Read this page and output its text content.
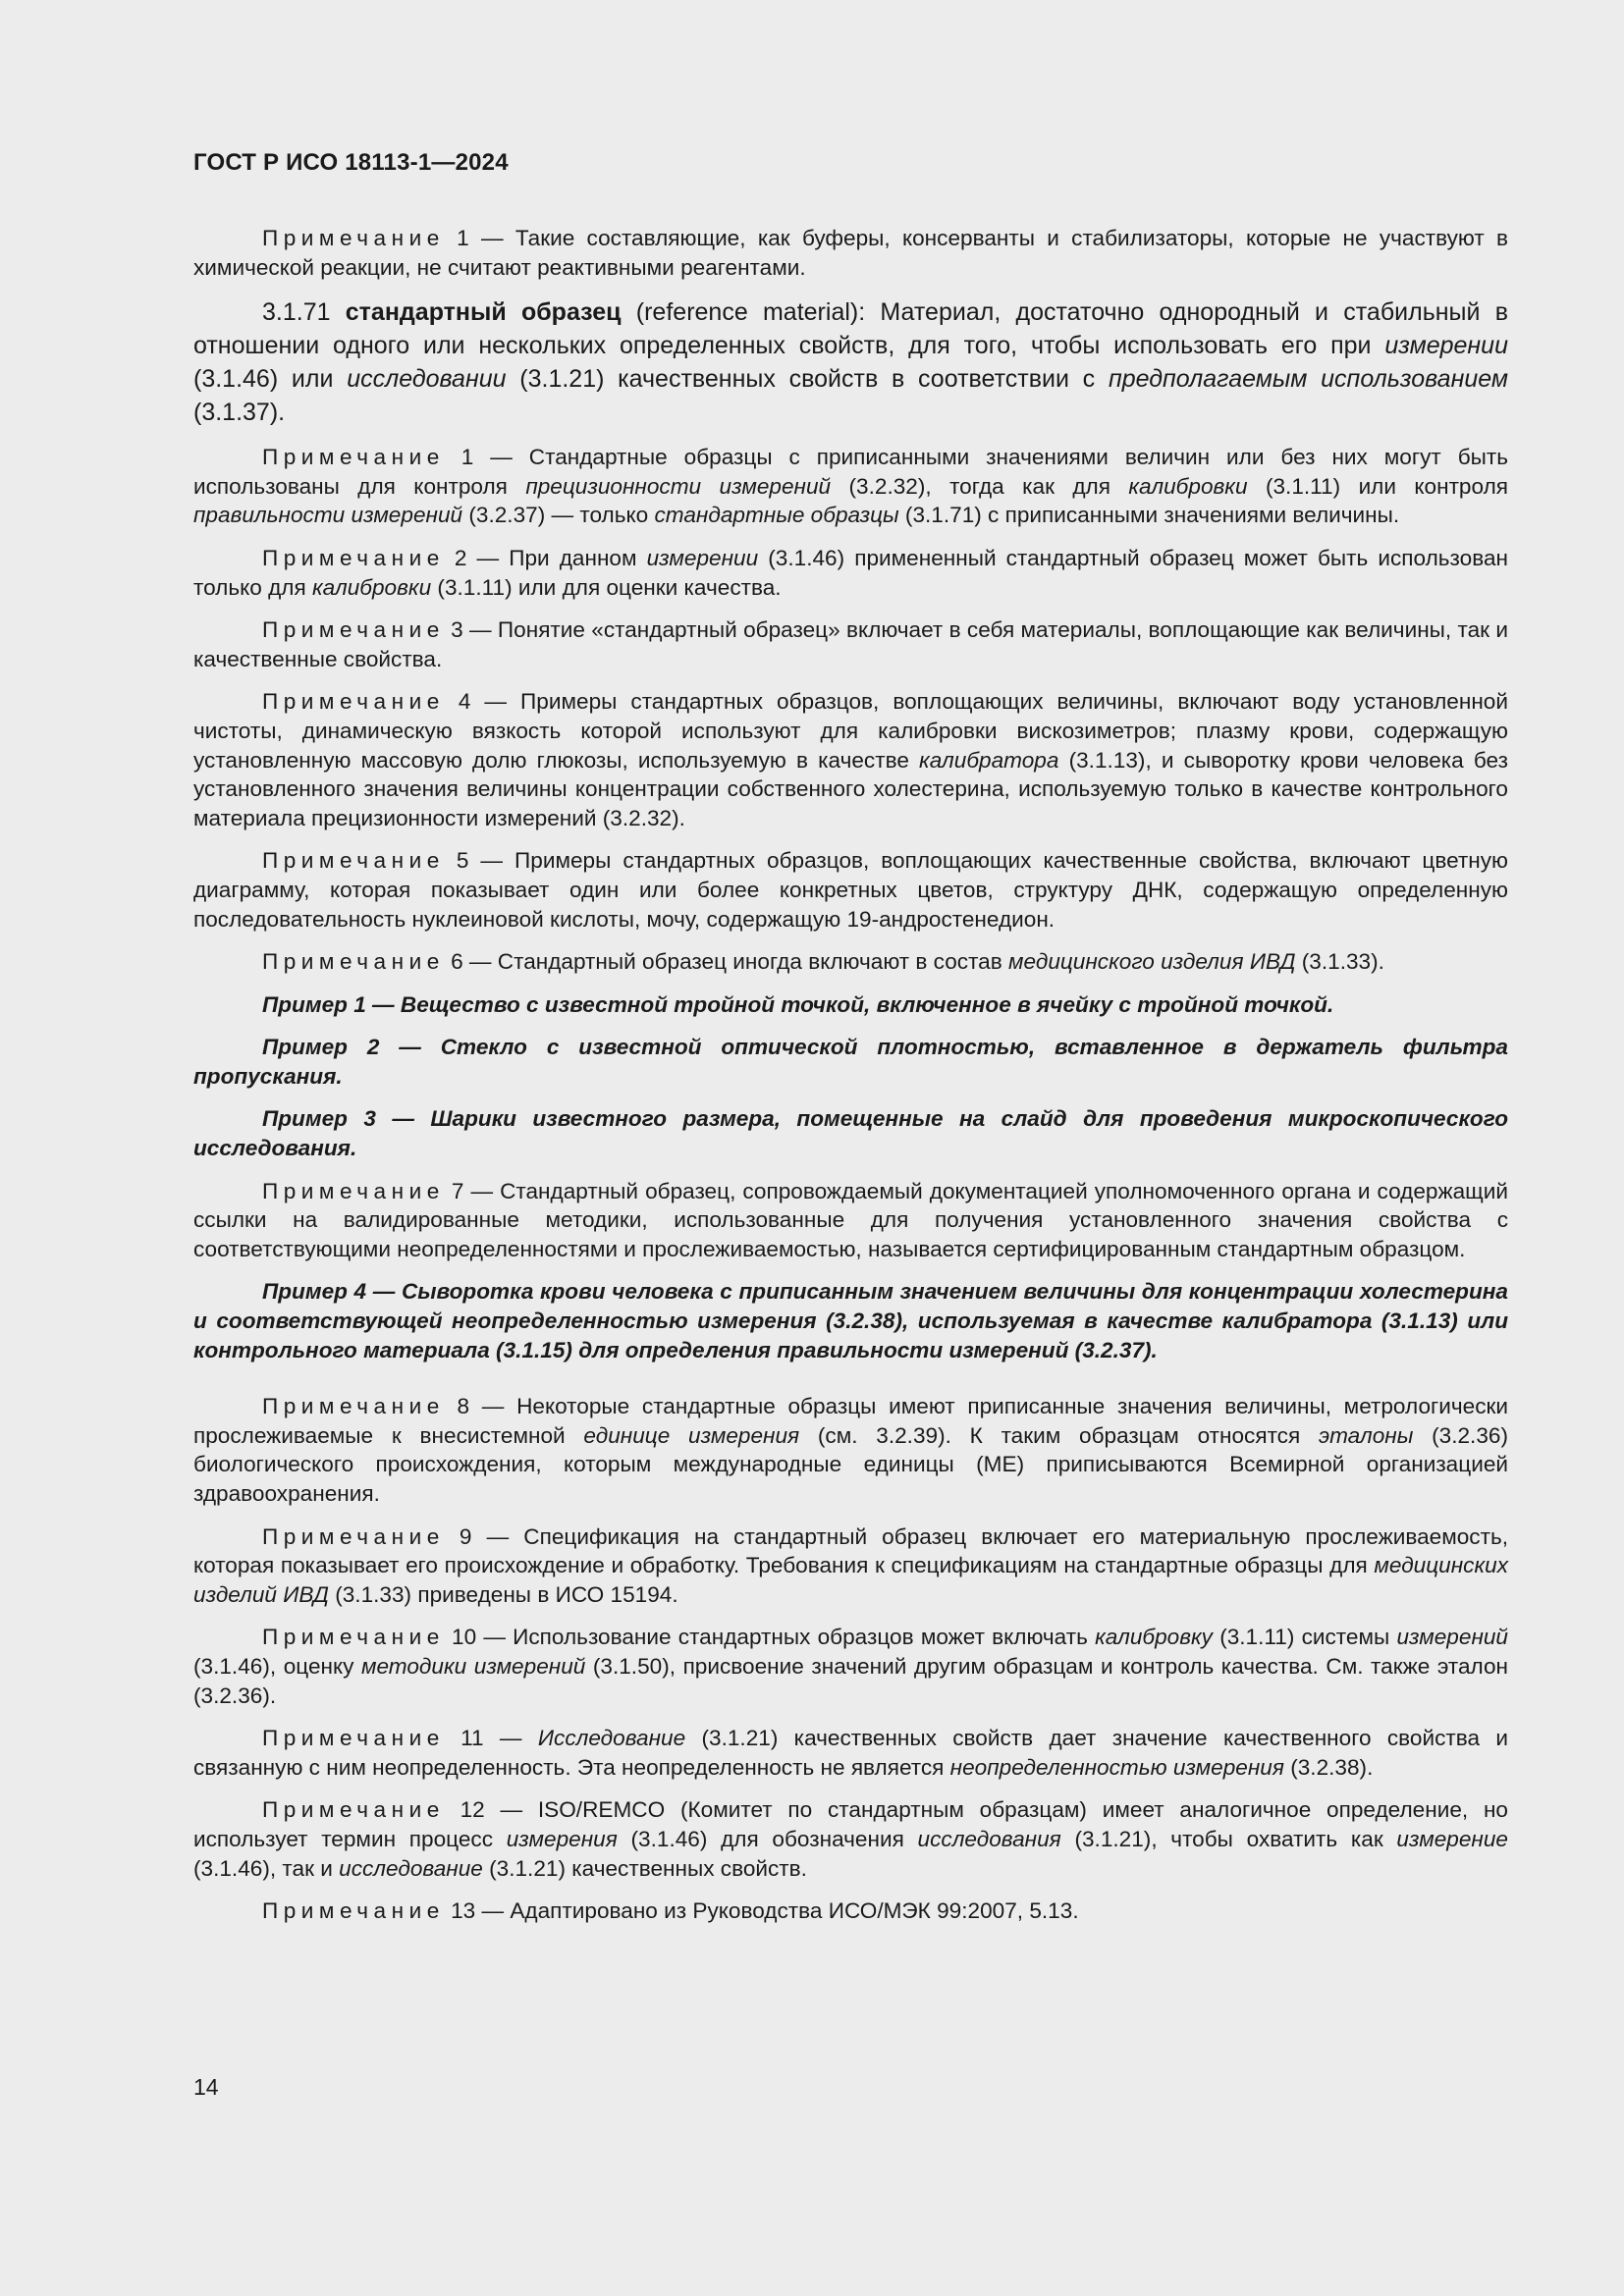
ГОСТ Р ИСО 18113-1—2024

Примечание 1 — Такие составляющие, как буферы, консерванты и стабилизаторы, которые не участвуют в химической реакции, не считают реактивными реагентами.

3.1.71 стандартный образец (reference material): Материал, достаточно однородный и стабильный в отношении одного или нескольких определенных свойств, для того, чтобы использовать его при измерении (3.1.46) или исследовании (3.1.21) качественных свойств в соответствии с предполагаемым использованием (3.1.37).

Примечание 1 — Стандартные образцы с приписанными значениями величин или без них могут быть использованы для контроля прецизионности измерений (3.2.32), тогда как для калибровки (3.1.11) или контроля правильности измерений (3.2.37) — только стандартные образцы (3.1.71) с приписанными значениями величины.

Примечание 2 — При данном измерении (3.1.46) примененный стандартный образец может быть использован только для калибровки (3.1.11) или для оценки качества.

Примечание 3 — Понятие «стандартный образец» включает в себя материалы, воплощающие как величины, так и качественные свойства.

Примечание 4 — Примеры стандартных образцов, воплощающих величины, включают воду установленной чистоты, динамическую вязкость которой используют для калибровки вискозиметров; плазму крови, содержащую установленную массовую долю глюкозы, используемую в качестве калибратора (3.1.13), и сыворотку крови человека без установленного значения величины концентрации собственного холестерина, используемую только в качестве контрольного материала прецизионности измерений (3.2.32).

Примечание 5 — Примеры стандартных образцов, воплощающих качественные свойства, включают цветную диаграмму, которая показывает один или более конкретных цветов, структуру ДНК, содержащую определенную последовательность нуклеиновой кислоты, мочу, содержащую 19-андростенедион.

Примечание 6 — Стандартный образец иногда включают в состав медицинского изделия ИВД (3.1.33).

Пример 1 — Вещество с известной тройной точкой, включенное в ячейку с тройной точкой.

Пример 2 — Стекло с известной оптической плотностью, вставленное в держатель фильтра пропускания.

Пример 3 — Шарики известного размера, помещенные на слайд для проведения микроскопического исследования.

Примечание 7 — Стандартный образец, сопровождаемый документацией уполномоченного органа и содержащий ссылки на валидированные методики, использованные для получения установленного значения свойства с соответствующими неопределенностями и прослеживаемостью, называется сертифицированным стандартным образцом.

Пример 4 — Сыворотка крови человека с приписанным значением величины для концентрации холестерина и соответствующей неопределенностью измерения (3.2.38), используемая в качестве калибратора (3.1.13) или контрольного материала (3.1.15) для определения правильности измерений (3.2.37).

Примечание 8 — Некоторые стандартные образцы имеют приписанные значения величины, метрологически прослеживаемые к внесистемной единице измерения (см. 3.2.39). К таким образцам относятся эталоны (3.2.36) биологического происхождения, которым международные единицы (МЕ) приписываются Всемирной организацией здравоохранения.

Примечание 9 — Спецификация на стандартный образец включает его материальную прослеживаемость, которая показывает его происхождение и обработку. Требования к спецификациям на стандартные образцы для медицинских изделий ИВД (3.1.33) приведены в ИСО 15194.

Примечание 10 — Использование стандартных образцов может включать калибровку (3.1.11) системы измерений (3.1.46), оценку методики измерений (3.1.50), присвоение значений другим образцам и контроль качества. См. также эталон (3.2.36).

Примечание 11 — Исследование (3.1.21) качественных свойств дает значение качественного свойства и связанную с ним неопределенность. Эта неопределенность не является неопределенностью измерения (3.2.38).

Примечание 12 — ISO/REMCO (Комитет по стандартным образцам) имеет аналогичное определение, но использует термин процесс измерения (3.1.46) для обозначения исследования (3.1.21), чтобы охватить как измерение (3.1.46), так и исследование (3.1.21) качественных свойств.

Примечание 13 — Адаптировано из Руководства ИСО/МЭК 99:2007, 5.13.

14
